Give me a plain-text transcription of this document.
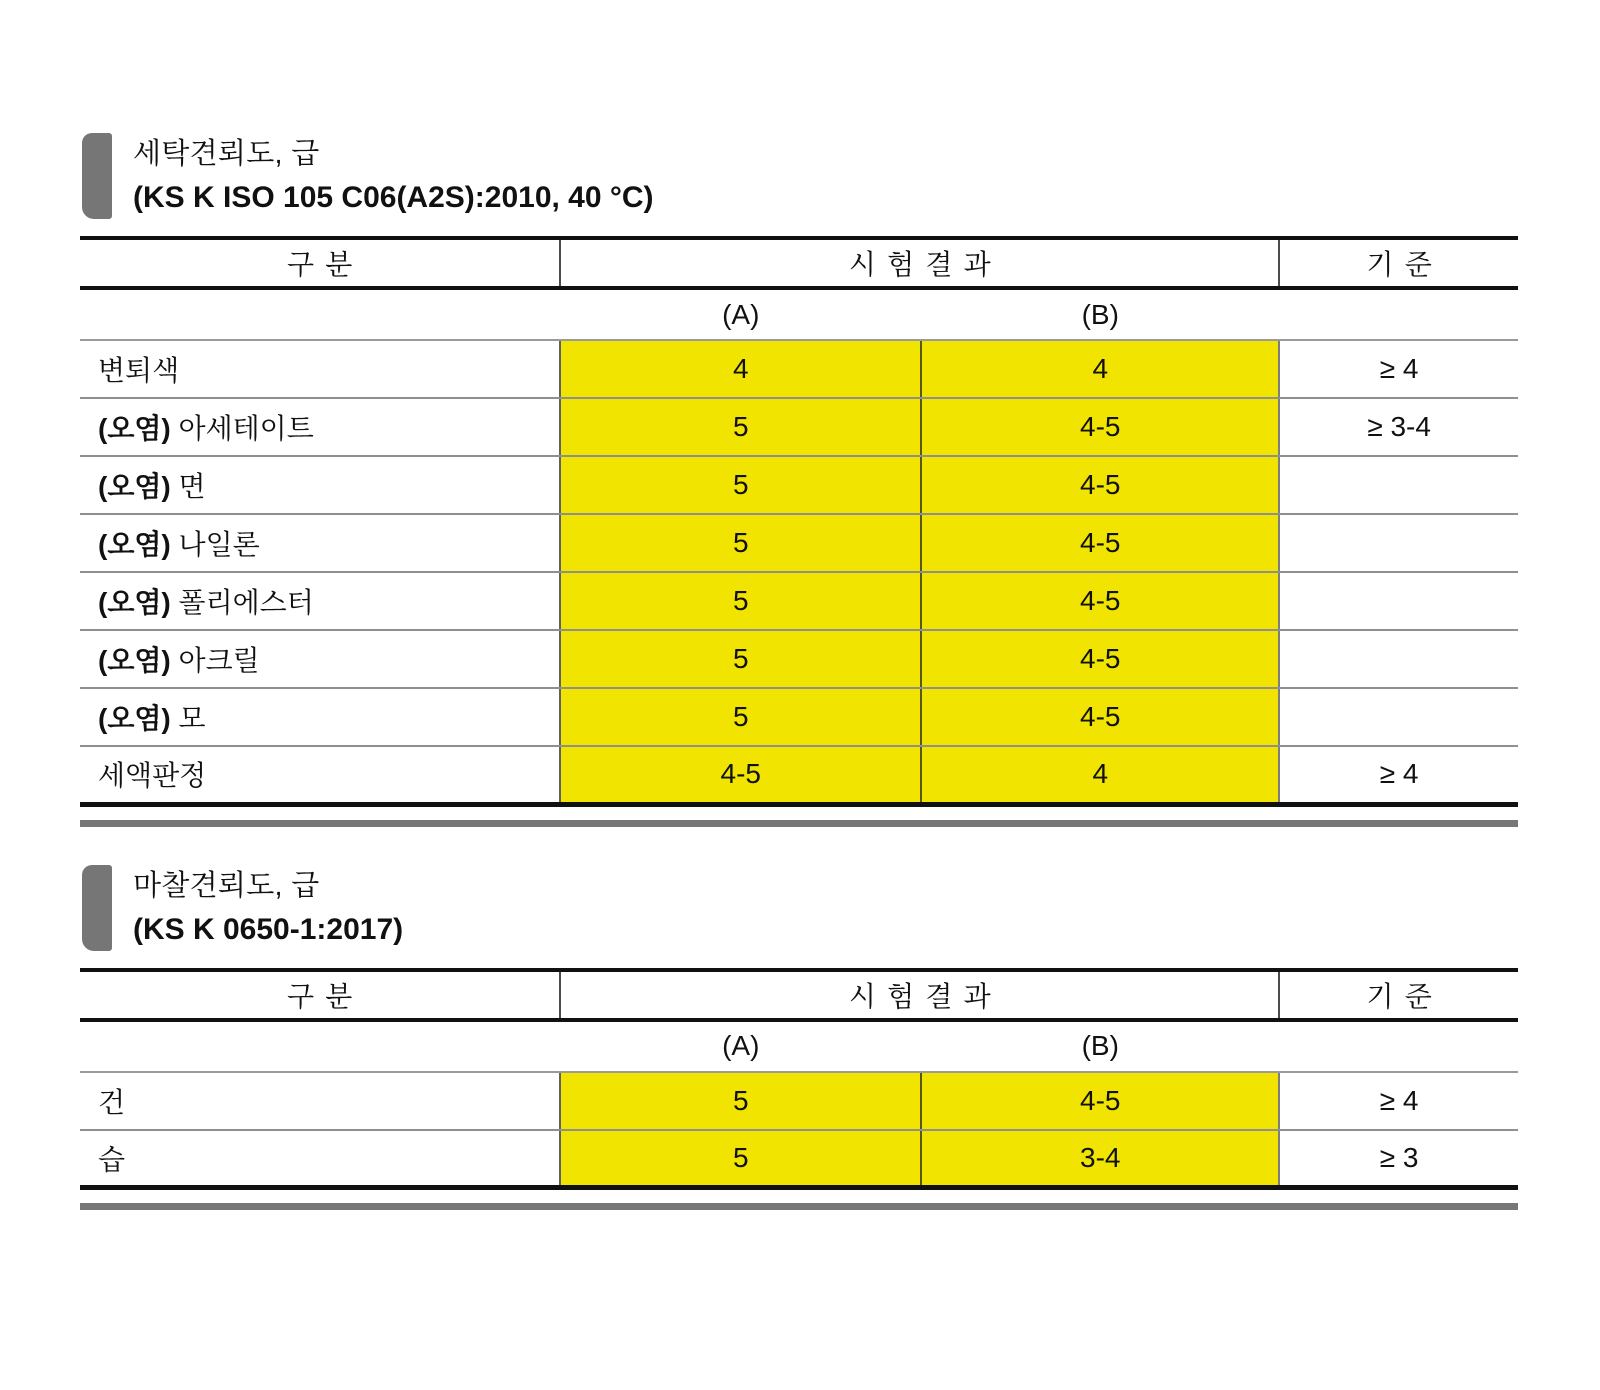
세탁견뢰도, 급
(KS K ISO 105 C06(A2S):2010, 40 °C)
구분	시험결과		기준
	(A)	(B)	
변퇴색	4	4	≥ 4
(오염) 아세테이트	5	4-5	≥ 3-4
(오염) 면	5	4-5	
(오염) 나일론	5	4-5	
(오염) 폴리에스터	5	4-5	
(오염) 아크릴	5	4-5	
(오염) 모	5	4-5	
세액판정	4-5	4	≥ 4
마찰견뢰도, 급
(KS K 0650-1:2017)
구분	시험결과		기준
	(A)	(B)	
건	5	4-5	≥ 4
습	5	3-4	≥ 3
